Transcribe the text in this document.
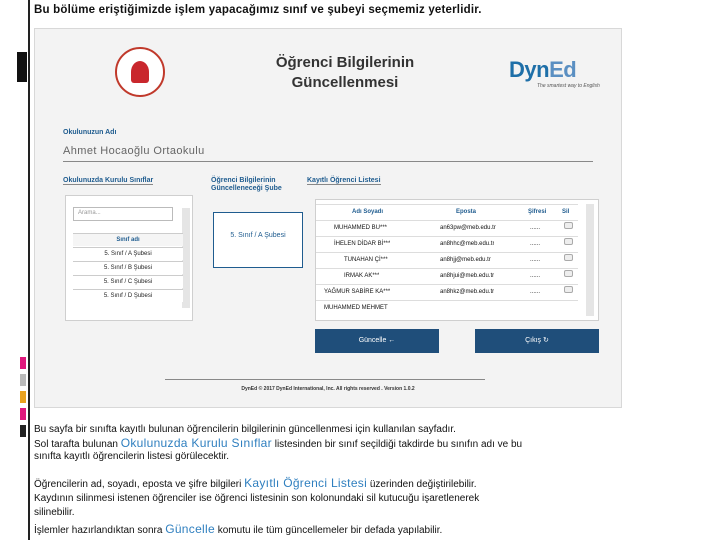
Bu bölüme eriştiğimizde işlem yapacağımız sınıf ve şubeyi seçmemiz yeterlidir.
Öğrenci Bilgilerinin
Güncellenmesi
DynEd
The smartest way to English
Okulunuzun Adı
Ahmet Hocaoğlu Ortaokulu
Okulunuzda Kurulu Sınıflar	Öğrenci Bilgilerinin Güncelleneceği Şube
Kayıtlı Öğrenci Listesi
Arama...
Sınıf adı
5. Sınıf / A Şubesi
5. Sınıf / B Şubesi
5. Sınıf / C Şubesi
5. Sınıf / D Şubesi
5. Sınıf / A Şubesi
Adı Soyadı	Eposta	Şifresi	Sil
MUHAMMED BU***	an63pw@meb.edu.tr	......
İHELEN DİDAR Bİ***	an8hhc@meb.edu.tr	......
TUNAHAN Çİ***	an8hjj@meb.edu.tr	......
IRMAK AK***	an8hjui@meb.edu.tr	......
YAĞMUR SABİRE KA***	an8hkz@meb.edu.tr	......
MUHAMMED MEHMET
Güncelle ←	Çıkış ↻
DynEd © 2017 DynEd International, Inc. All rights reserved . Version 1.0.2
Bu sayfa bir sınıfta kayıtlı bulunan öğrencilerin bilgilerinin güncellenmesi için kullanılan sayfadır.
Sol tarafta bulunan Okulunuzda Kurulu Sınıflar listesinden bir sınıf seçildiği takdirde bu sınıfın adı ve bu
sınıfta kayıtlı öğrencilerin listesi görülecektir.
Öğrencilerin ad, soyadı, eposta ve şifre bilgileri Kayıtlı Öğrenci Listesi üzerinden değiştirilebilir.
Kaydının silinmesi istenen öğrenciler ise öğrenci listesinin son kolonundaki sil kutucuğu işaretlenerek
silinebilir.
İşlemler hazırlandıktan sonra Güncelle komutu ile tüm güncellemeler bir defada yapılabilir.
